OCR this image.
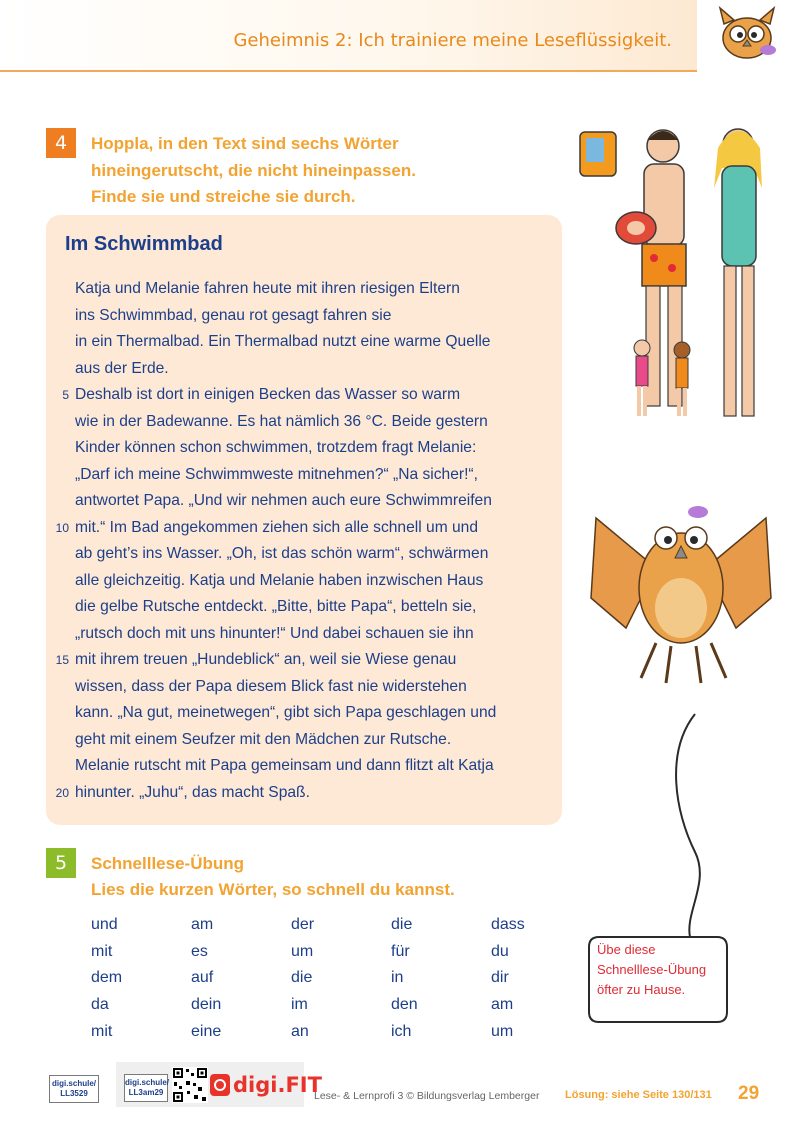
Geheimnis 2: Ich trainiere meine Leseflüssigkeit.
4	Hoppla, in den Text sind sechs Wörter
hineingerutscht, die nicht hineinpassen.
Finde sie und streiche sie durch.
Im Schwimmbad
Katja und Melanie fahren heute mit ihren riesigen Eltern
ins Schwimmbad, genau rot gesagt fahren sie
in ein Thermalbad. Ein Thermalbad nutzt eine warme Quelle
aus der Erde.
5 Deshalb ist dort in einigen Becken das Wasser so warm
wie in der Badewanne. Es hat nämlich 36 °C. Beide gestern
Kinder können schon schwimmen, trotzdem fragt Melanie:
„Darf ich meine Schwimmweste mitnehmen?“ „Na sicher!“,
antwortet Papa. „Und wir nehmen auch eure Schwimmreifen
10 mit.“ Im Bad angekommen ziehen sich alle schnell um und
ab geht’s ins Wasser. „Oh, ist das schön warm“, schwärmen
alle gleichzeitig. Katja und Melanie haben inzwischen Haus
die gelbe Rutsche entdeckt. „Bitte, bitte Papa“, betteln sie,
„rutsch doch mit uns hinunter!“ Und dabei schauen sie ihn
15 mit ihrem treuen „Hundeblick“ an, weil sie Wiese genau
wissen, dass der Papa diesem Blick fast nie widerstehen
kann. „Na gut, meinetwegen“, gibt sich Papa geschlagen und
geht mit einem Seufzer mit den Mädchen zur Rutsche.
Melanie rutscht mit Papa gemeinsam und dann flitzt alt Katja
20 hinunter. „Juhu“, das macht Spaß.
Übe diese
Schnelllese-Übung
öfter zu Hause.
5	Schnelllese-Übung
Lies die kurzen Wörter, so schnell du kannst.
und	am	der	die	dass
mit	es	um	für	du
dem	auf	die	in	dir
da	dein	im	den	am
mit	eine	an	ich	um
digi.schule/
LL3529
digi.schule/
LL3am29	digi.FIT
Lese- & Lernprofi 3 © Bildungsverlag Lemberger Lösung: siehe Seite 130/131 29
